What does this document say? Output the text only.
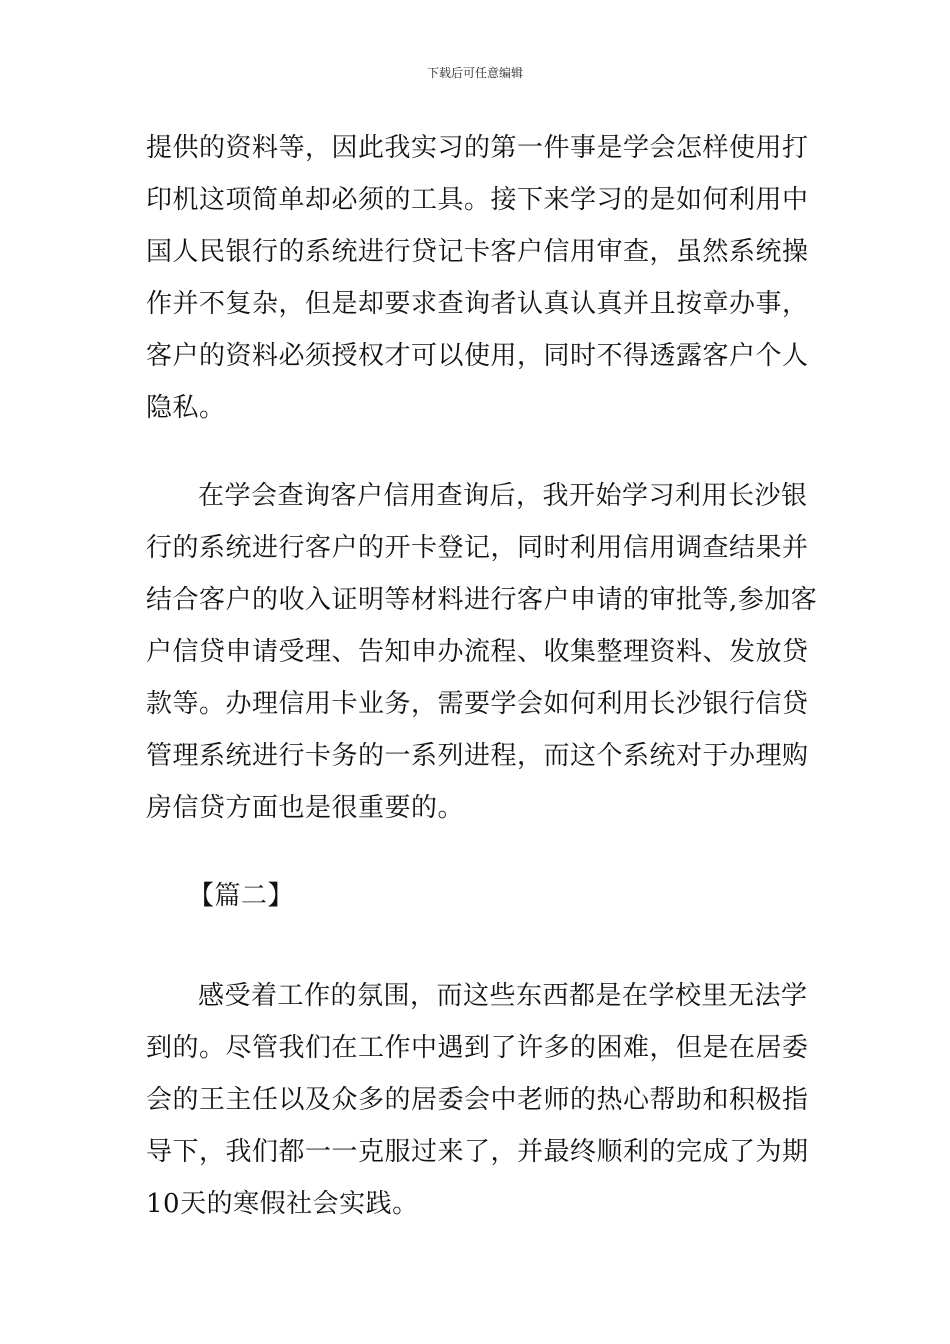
下载后可任意编辑
提供的资料等，因此我实习的第一件事是学会怎样使用打
印机这项简单却必须的工具。接下来学习的是如何利用中
国人民银行的系统进行贷记卡客户信用审查，虽然系统操
作并不复杂，但是却要求查询者认真认真并且按章办事，
客户的资料必须授权才可以使用，同时不得透露客户个人
隐私。
在学会查询客户信用查询后，我开始学习利用长沙银
行的系统进行客户的开卡登记，同时利用信用调查结果并
结合客户的收入证明等材料进行客户申请的审批等,参加客
户信贷申请受理、告知申办流程、收集整理资料、发放贷
款等。办理信用卡业务，需要学会如何利用长沙银行信贷
管理系统进行卡务的一系列进程，而这个系统对于办理购
房信贷方面也是很重要的。
【篇二】
感受着工作的氛围，而这些东西都是在学校里无法学
到的。尽管我们在工作中遇到了许多的困难，但是在居委
会的王主任以及众多的居委会中老师的热心帮助和积极指
导下，我们都一一克服过来了，并最终顺利的完成了为期
10天的寒假社会实践。
